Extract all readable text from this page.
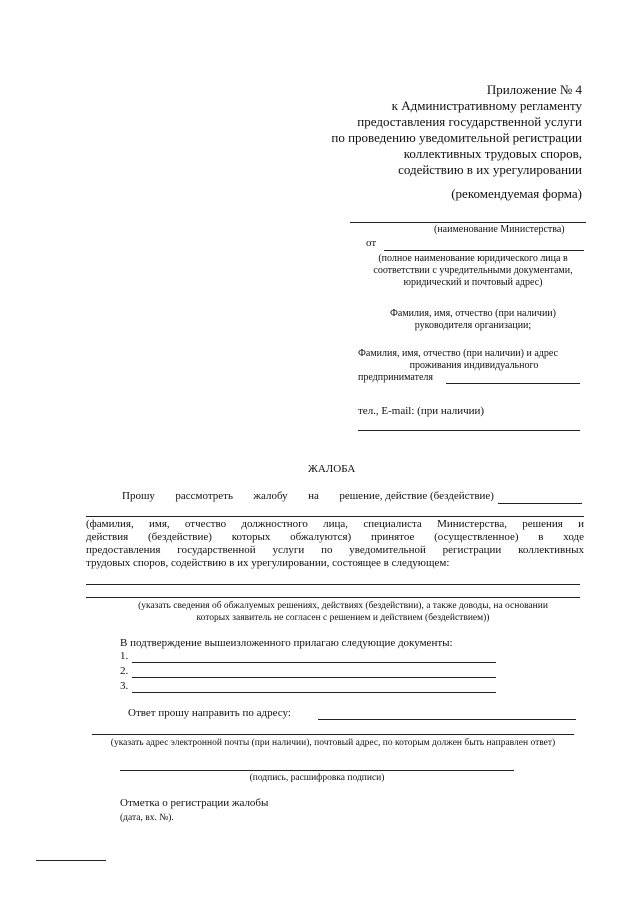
Приложение № 4
к Административному регламенту
предоставления государственной услуги
по проведению уведомительной регистрации
коллективных трудовых споров,
содействию в их урегулировании
(рекомендуемая форма)
(наименование Министерства)
от
(полное наименование юридического лица в
соответствии с учредительными документами,
юридический и почтовый адрес)
Фамилия, имя, отчество (при наличии)
руководителя организации;
Фамилия, имя, отчество (при наличии) и адрес
проживания индивидуального
предпринимателя
тел., E-mail: (при наличии)
ЖАЛОБА
Прошу рассмотреть жалобу на решение, действие (бездействие)
(фамилия, имя, отчество должностного лица, специалиста Министерства, решения и
действия (бездействие) которых обжалуются) принятое (осуществленное) в ходе
предоставления государственной услуги по уведомительной регистрации коллективных
трудовых споров, содействию в их урегулировании, состоящее в следующем:
(указать сведения об обжалуемых решениях, действиях (бездействии), а также доводы, на основании
которых заявитель не согласен с решением и действием (бездействием))
В подтверждение вышеизложенного прилагаю следующие документы:
1.
2.
3.
Ответ прошу направить по адресу:
(указать адрес электронной почты (при наличии), почтовый адрес, по которым должен быть направлен ответ)
(подпись, расшифровка подписи)
Отметка о регистрации жалобы
(дата, вх. №).
